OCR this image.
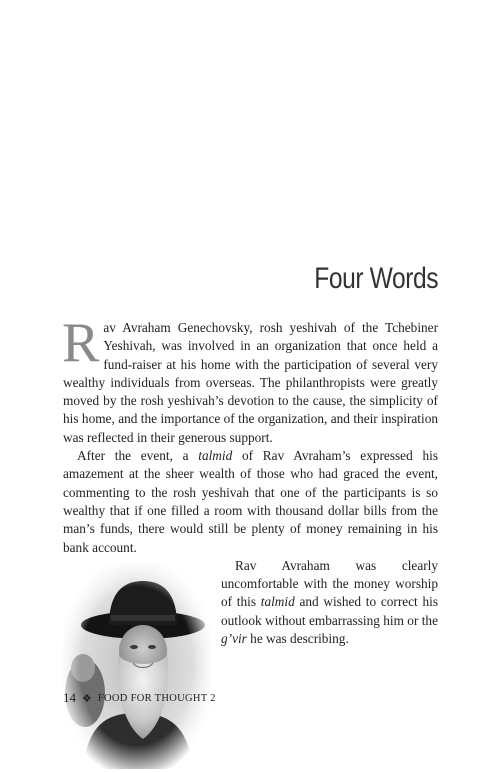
Four Words

Rav Avraham Genechovsky, rosh yeshivah of the Tchebiner Yeshivah, was involved in an organization that once held a fund-raiser at his home with the participation of several very wealthy individuals from overseas. The philanthropists were greatly moved by the rosh yeshivah’s devotion to the cause, the simplicity of his home, and the importance of the organization, and their inspiration was reflected in their generous support.

After the event, a talmid of Rav Avraham’s expressed his amazement at the sheer wealth of those who had graced the event, commenting to the rosh yeshivah that one of the participants is so wealthy that if one filled a room with thousand dollar bills from the man’s funds, there would still be plenty of money remaining in his bank account.

Rav Avraham was clearly uncomfortable with the money worship of this talmid and wished to correct his outlook without embarrassing him or the g’vir he was describing.

14 ❖ FOOD FOR THOUGHT 2
